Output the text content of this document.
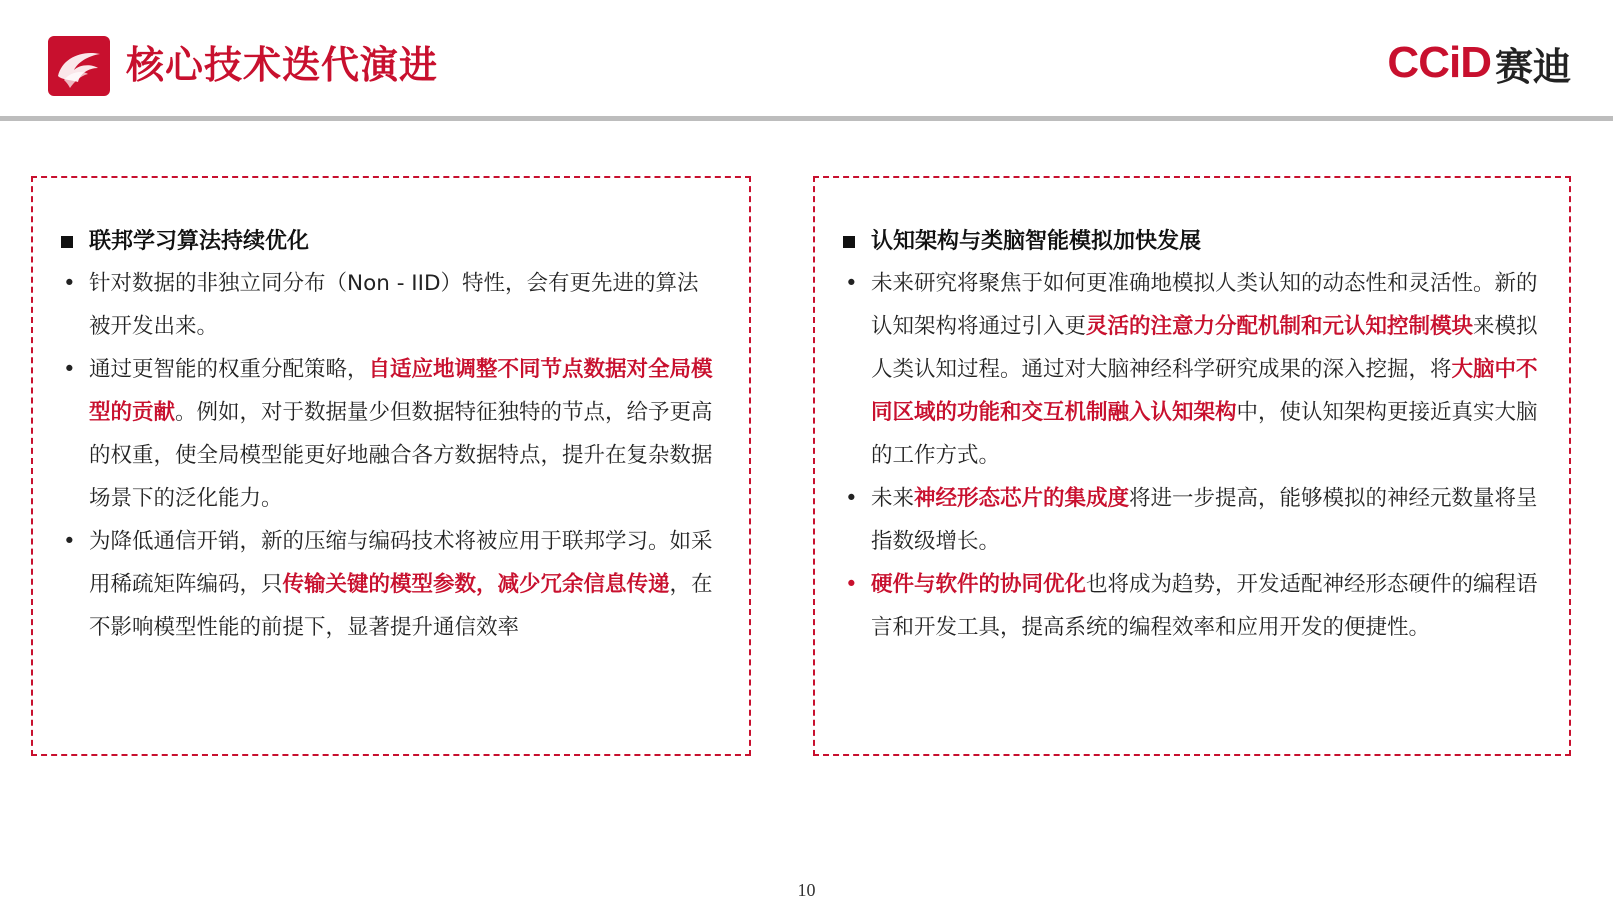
核心技术迭代演进	CCiD 赛迪
联邦学习算法持续优化
• 针对数据的非独立同分布（Non - IID）特性，会有更先进的算法被开发出来。
• 通过更智能的权重分配策略，自适应地调整不同节点数据对全局模型的贡献。例如，对于数据量少但数据特征独特的节点，给予更高的权重，使全局模型能更好地融合各方数据特点，提升在复杂数据场景下的泛化能力。
• 为降低通信开销，新的压缩与编码技术将被应用于联邦学习。如采用稀疏矩阵编码，只传输关键的模型参数，减少冗余信息传递，在不影响模型性能的前提下，显著提升通信效率
认知架构与类脑智能模拟加快发展
• 未来研究将聚焦于如何更准确地模拟人类认知的动态性和灵活性。新的认知架构将通过引入更灵活的注意力分配机制和元认知控制模块来模拟人类认知过程。通过对大脑神经科学研究成果的深入挖掘，将大脑中不同区域的功能和交互机制融入认知架构中，使认知架构更接近真实大脑的工作方式。
• 未来神经形态芯片的集成度将进一步提高，能够模拟的神经元数量将呈指数级增长。
• 硬件与软件的协同优化也将成为趋势，开发适配神经形态硬件的编程语言和开发工具，提高系统的编程效率和应用开发的便捷性。
10
